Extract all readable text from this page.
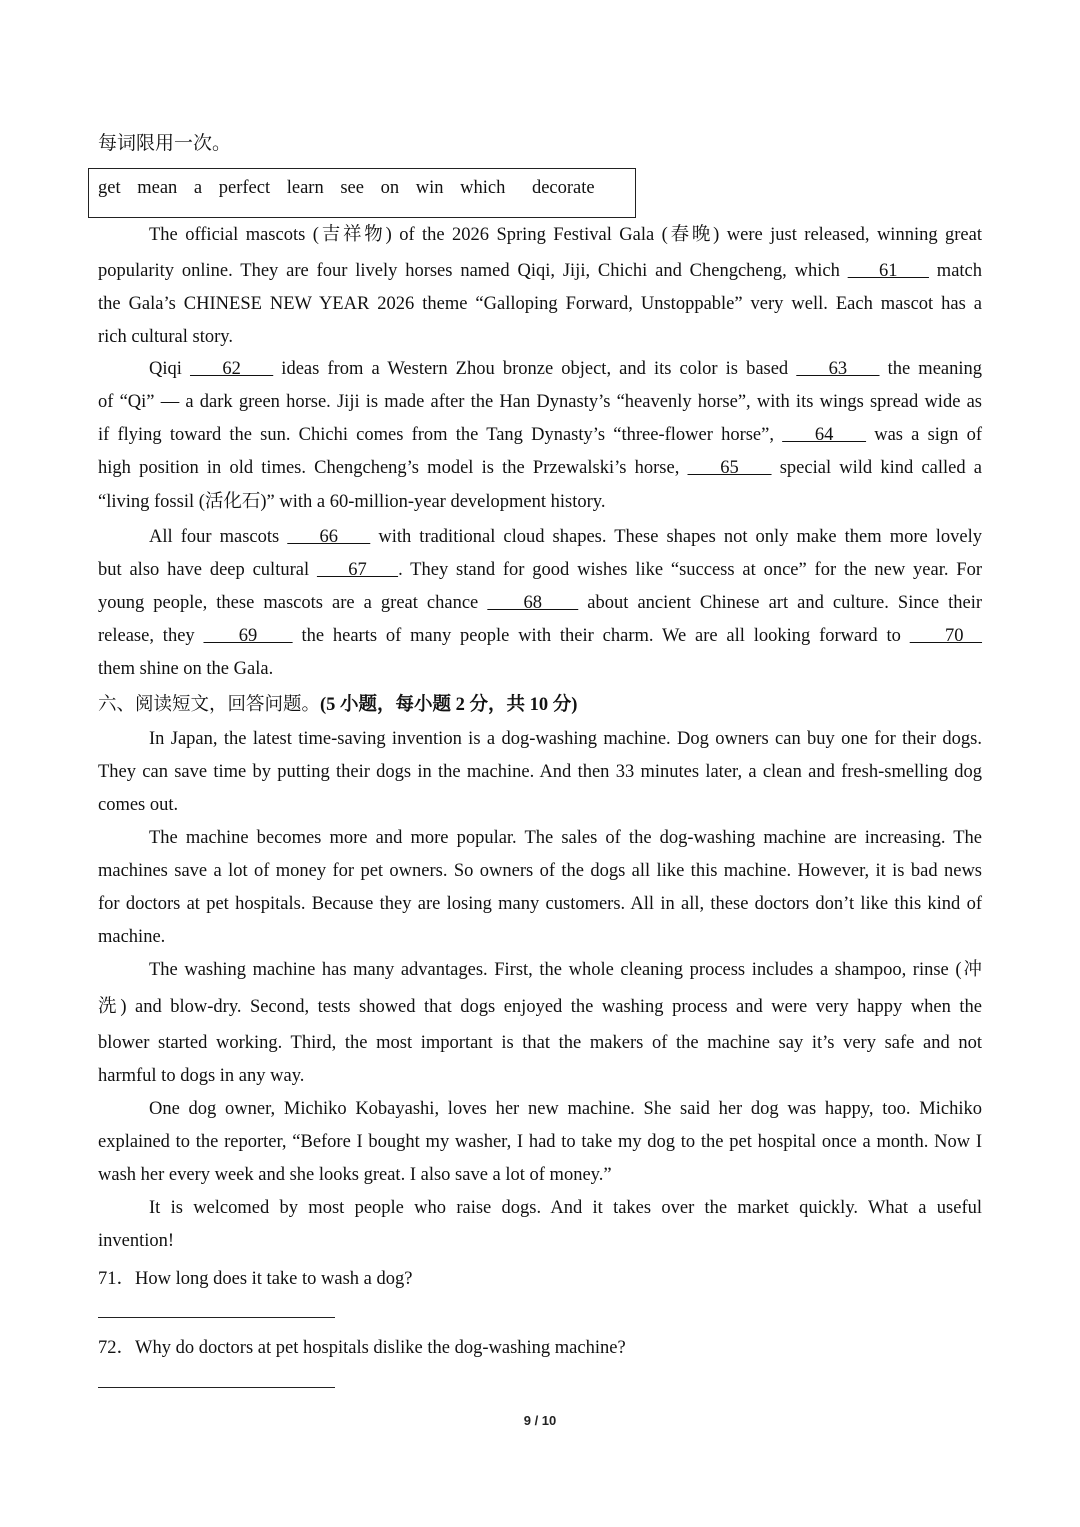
每词限用一次。
get mean a perfect learn see on win which decorate
The official mascots (吉祥物) of the 2026 Spring Festival Gala (春晚) were just released, winning great
popularity online. They are four lively horses named Qiqi, Jiji, Chichi and Chengcheng, which     61     match
the Gala’s CHINESE NEW YEAR 2026 theme “Galloping Forward, Unstoppable” very well. Each mascot has a
rich cultural story.
Qiqi     62     ideas from a Western Zhou bronze object, and its color is based     63     the meaning
of “Qi” — a dark green horse. Jiji is made after the Han Dynasty’s “heavenly horse”, with its wings spread wide as
if flying toward the sun. Chichi comes from the Tang Dynasty’s “three-flower horse”,     64     was a sign of
high position in old times. Chengcheng’s model is the Przewalski’s horse,     65     special wild kind called a
“living fossil (活化石)” with a 60-million-year development history.
All four mascots     66     with traditional cloud shapes. These shapes not only make them more lovely
but also have deep cultural     67    . They stand for good wishes like “success at once” for the new year. For
young people, these mascots are a great chance     68     about ancient Chinese art and culture. Since their
release, they     69     the hearts of many people with their charm. We are all looking forward to     70
them shine on the Gala.
六、阅读短文，回答问题。(5 小题，每小题 2 分，共 10 分)
In Japan, the latest time-saving invention is a dog-washing machine. Dog owners can buy one for their dogs.
They can save time by putting their dogs in the machine. And then 33 minutes later, a clean and fresh-smelling dog
comes out.
The machine becomes more and more popular. The sales of the dog-washing machine are increasing. The
machines save a lot of money for pet owners. So owners of the dogs all like this machine. However, it is bad news
for doctors at pet hospitals. Because they are losing many customers. All in all, these doctors don’t like this kind of
machine.
The washing machine has many advantages. First, the whole cleaning process includes a shampoo, rinse (冲
洗) and blow-dry. Second, tests showed that dogs enjoyed the washing process and were very happy when the
blower started working. Third, the most important is that the makers of the machine say it’s very safe and not
harmful to dogs in any way.
One dog owner, Michiko Kobayashi, loves her new machine. She said her dog was happy, too. Michiko
explained to the reporter, “Before I bought my washer, I had to take my dog to the pet hospital once a month. Now I
wash her every week and she looks great. I also save a lot of money.”
It is welcomed by most people who raise dogs. And it takes over the market quickly. What a useful
invention!
71．How long does it take to wash a dog?
72．Why do doctors at pet hospitals dislike the dog-washing machine?
9 / 10
